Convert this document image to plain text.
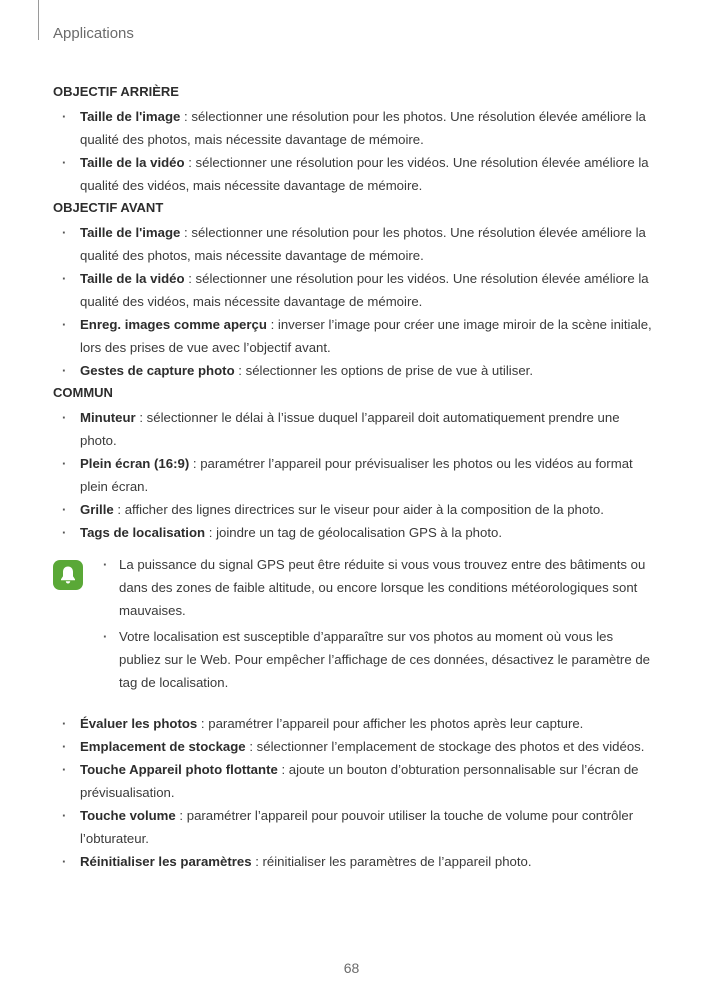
Applications
OBJECTIF ARRIÈRE
· Taille de l'image : sélectionner une résolution pour les photos. Une résolution élevée améliore la qualité des photos, mais nécessite davantage de mémoire.
· Taille de la vidéo : sélectionner une résolution pour les vidéos. Une résolution élevée améliore la qualité des vidéos, mais nécessite davantage de mémoire.
OBJECTIF AVANT
· Taille de l'image : sélectionner une résolution pour les photos. Une résolution élevée améliore la qualité des photos, mais nécessite davantage de mémoire.
· Taille de la vidéo : sélectionner une résolution pour les vidéos. Une résolution élevée améliore la qualité des vidéos, mais nécessite davantage de mémoire.
· Enreg. images comme aperçu : inverser l’image pour créer une image miroir de la scène initiale, lors des prises de vue avec l’objectif avant.
· Gestes de capture photo : sélectionner les options de prise de vue à utiliser.
COMMUN
· Minuteur : sélectionner le délai à l’issue duquel l’appareil doit automatiquement prendre une photo.
· Plein écran (16:9) : paramétrer l’appareil pour prévisualiser les photos ou les vidéos au format plein écran.
· Grille : afficher des lignes directrices sur le viseur pour aider à la composition de la photo.
· Tags de localisation : joindre un tag de géolocalisation GPS à la photo.
· La puissance du signal GPS peut être réduite si vous vous trouvez entre des bâtiments ou dans des zones de faible altitude, ou encore lorsque les conditions météorologiques sont mauvaises.
· Votre localisation est susceptible d’apparaître sur vos photos au moment où vous les publiez sur le Web. Pour empêcher l’affichage de ces données, désactivez le paramètre de tag de localisation.
· Évaluer les photos : paramétrer l’appareil pour afficher les photos après leur capture.
· Emplacement de stockage : sélectionner l’emplacement de stockage des photos et des vidéos.
· Touche Appareil photo flottante : ajoute un bouton d’obturation personnalisable sur l’écran de prévisualisation.
· Touche volume : paramétrer l’appareil pour pouvoir utiliser la touche de volume pour contrôler l’obturateur.
· Réinitialiser les paramètres : réinitialiser les paramètres de l’appareil photo.
68
